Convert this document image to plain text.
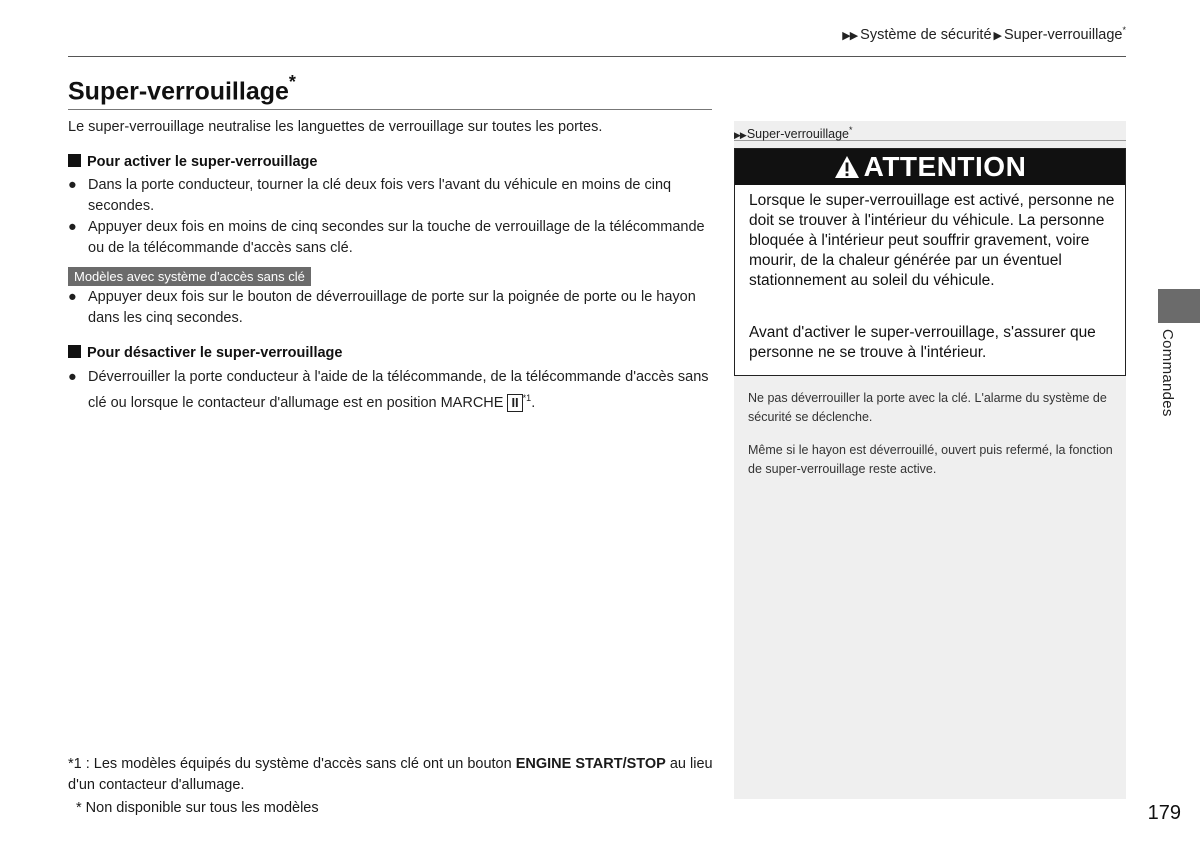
▶▶ Système de sécurité ▶ Super-verrouillage*
Super-verrouillage*
Le super-verrouillage neutralise les languettes de verrouillage sur toutes les portes.
Pour activer le super-verrouillage
● Dans la porte conducteur, tourner la clé deux fois vers l'avant du véhicule en moins de cinq secondes.
● Appuyer deux fois en moins de cinq secondes sur la touche de verrouillage de la télécommande ou de la télécommande d'accès sans clé.
Modèles avec système d'accès sans clé
● Appuyer deux fois sur le bouton de déverrouillage de porte sur la poignée de porte ou le hayon dans les cinq secondes.
Pour désactiver le super-verrouillage
● Déverrouiller la porte conducteur à l'aide de la télécommande, de la télécommande d'accès sans clé ou lorsque le contacteur d'allumage est en position MARCHE II $^{*1}$.
*1 : Les modèles équipés du système d'accès sans clé ont un bouton ENGINE START/STOP au lieu d'un contacteur d'allumage.
* Non disponible sur tous les modèles
▶▶Super-verrouillage*
ATTENTION
Lorsque le super-verrouillage est activé, personne ne doit se trouver à l'intérieur du véhicule. La personne bloquée à l'intérieur peut souffrir gravement, voire mourir, de la chaleur générée par un éventuel stationnement au soleil du véhicule.
Avant d'activer le super-verrouillage, s'assurer que personne ne se trouve à l'intérieur.
Ne pas déverrouiller la porte avec la clé. L'alarme du système de sécurité se déclenche.
Même si le hayon est déverrouillé, ouvert puis refermé, la fonction de super-verrouillage reste active.
Commandes
179
